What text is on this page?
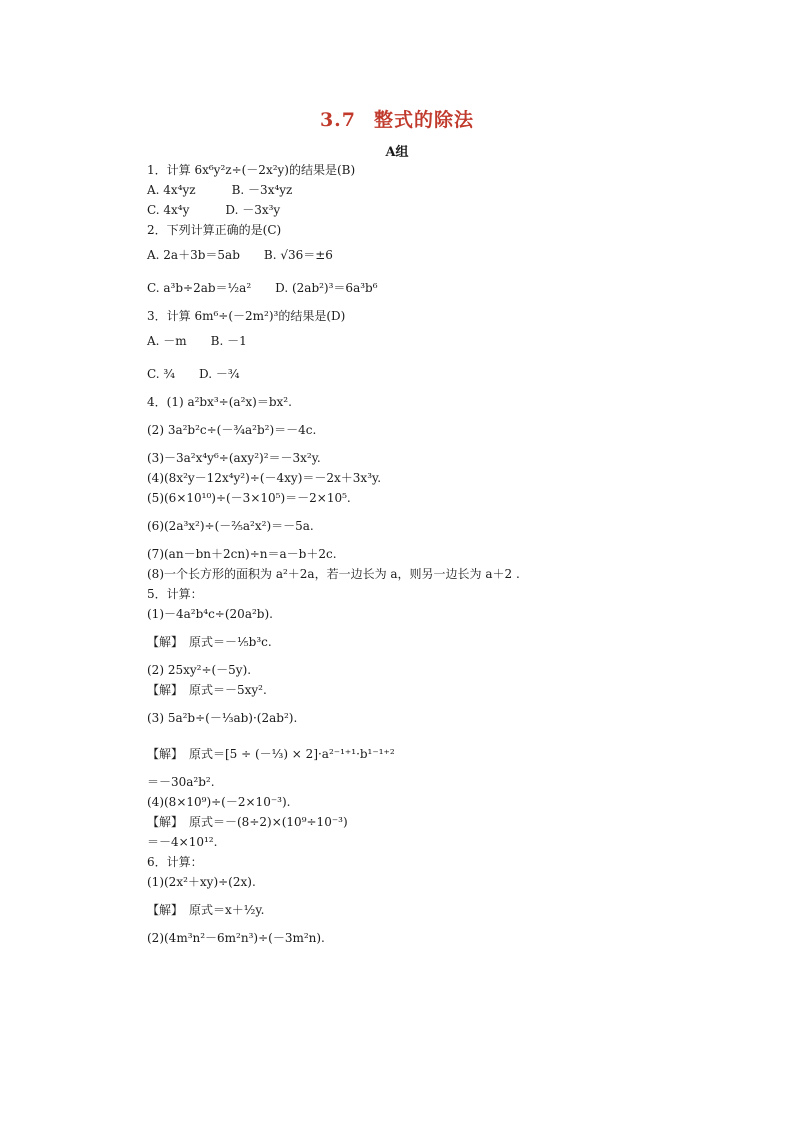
3.7 整式的除法
A组
1．计算 6x⁶y²z÷(－2x²y)的结果是(B)
A. 4x⁴yz　　　B. －3x⁴yz
C. 4x⁴y　　　D. －3x³y
2．下列计算正确的是(C)
A. 2a＋3b＝5ab　　B. √36＝±6
C. a³b÷2ab＝½a²　　D. (2ab²)³＝6a³b⁶
3．计算 6m⁶÷(－2m²)³的结果是(D)
A. －m　　B. －1
C. ¾　　D. －¾
4．(1) a²bx³÷(a²x)＝bx².
(2) 3a²b²c÷(－¾a²b²)＝－4c.
(3)－3a²x⁴y⁶÷(axy²)²＝－3x²y.
(4)(8x²y－12x⁴y²)÷(－4xy)＝－2x＋3x³y.
(5)(6×10¹⁰)÷(－3×10⁵)＝－2×10⁵.
(6)(2a³x²)÷(－⅖a²x²)＝－5a.
(7)(an－bn＋2cn)÷n＝a－b＋2c.
(8)一个长方形的面积为 a²＋2a，若一边长为 a，则另一边长为 a＋2 .
5．计算：
(1)－4a²b⁴c÷(20a²b).
【解】　原式＝－⅕b³c.
(2) 25xy²÷(－5y).
【解】　原式＝－5xy².
(3) 5a²b÷(－⅓ab)·(2ab²).
【解】　原式＝[5 ÷ (－⅓) × 2]·a²⁻¹⁺¹·b¹⁻¹⁺²
＝－30a²b².
(4)(8×10⁹)÷(－2×10⁻³).
【解】　原式＝－(8÷2)×(10⁹÷10⁻³)
＝－4×10¹².
6．计算：
(1)(2x²＋xy)÷(2x).
【解】　原式＝x＋½y.
(2)(4m³n²－6m²n³)÷(－3m²n).
